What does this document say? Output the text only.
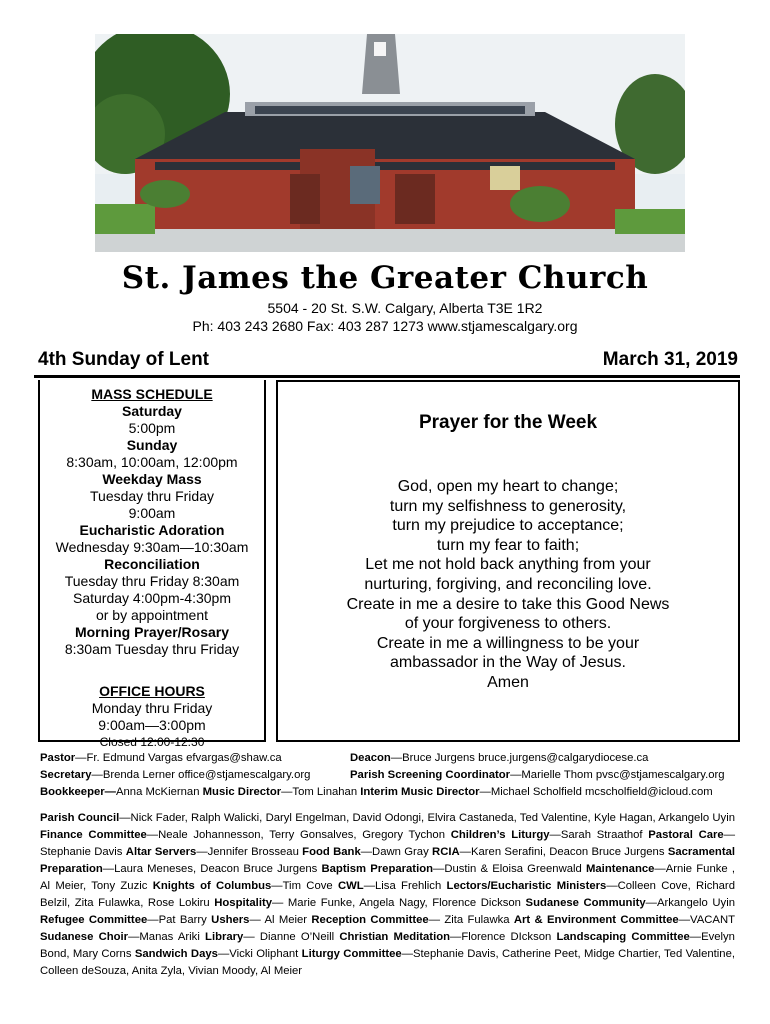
St. James the Greater Church
5504 - 20 St. S.W. Calgary, Alberta T3E 1R2
Ph: 403 243 2680 Fax: 403 287 1273 www.stjamescalgary.org
4th Sunday of Lent	March 31, 2019
MASS SCHEDULE
Saturday
5:00pm
Sunday
8:30am, 10:00am, 12:00pm
Weekday Mass
Tuesday thru Friday
9:00am
Eucharistic Adoration
Wednesday 9:30am—10:30am
Reconciliation
Tuesday thru Friday 8:30am
Saturday 4:00pm-4:30pm
or by appointment
Morning Prayer/Rosary
8:30am Tuesday thru Friday
OFFICE HOURS
Monday thru Friday
9:00am—3:00pm
Closed 12:00-12:30
Prayer for the Week
God, open my heart to change;
turn my selfishness to generosity,
turn my prejudice to acceptance;
turn my fear to faith;
Let me not hold back anything from your
nurturing, forgiving, and reconciling love.
Create in me a desire to take this Good News
of your forgiveness to others.
Create in me a willingness to be your
ambassador in the Way of Jesus.
Amen
Pastor—Fr. Edmund Vargas efvargas@shaw.ca	Deacon—Bruce Jurgens bruce.jurgens@calgarydiocese.ca
Secretary—Brenda Lerner office@stjamescalgary.org	Parish Screening Coordinator—Marielle Thom pvsc@stjamescalgary.org
Bookkeeper—Anna McKiernan Music Director—Tom Linahan Interim Music Director—Michael Scholfield mcscholfield@icloud.com
Parish Council—Nick Fader, Ralph Walicki, Daryl Engelman, David Odongi, Elvira Castaneda, Ted Valentine, Kyle Hagan, Arkangelo Uyin Finance Committee—Neale Johannesson, Terry Gonsalves, Gregory Tychon Children’s Liturgy—Sarah Straathof Pastoral Care—Stephanie Davis Altar Servers—Jennifer Brosseau Food Bank—Dawn Gray RCIA—Karen Serafini, Deacon Bruce Jurgens Sacramental Preparation—Laura Meneses, Deacon Bruce Jurgens Baptism Preparation—Dustin & Eloisa Greenwald Maintenance—Arnie Funke , Al Meier, Tony Zuzic Knights of Columbus—Tim Cove CWL—Lisa Frehlich Lectors/Eucharistic Ministers—Colleen Cove, Richard Belzil, Zita Fulawka, Rose Lokiru Hospitality— Marie Funke, Angela Nagy, Florence Dickson Sudanese Community—Arkangelo Uyin Refugee Committee—Pat Barry Ushers— Al Meier Reception Committee— Zita Fulawka Art & Environment Committee—VACANT Sudanese Choir—Manas Ariki Library— Dianne O’Neill Christian Meditation—Florence DIckson Landscaping Committee—Evelyn Bond, Mary Corns Sandwich Days—Vicki Oliphant Liturgy Committee—Stephanie Davis, Catherine Peet, Midge Chartier, Ted Valentine, Colleen deSouza, Anita Zyla, Vivian Moody, Al Meier
